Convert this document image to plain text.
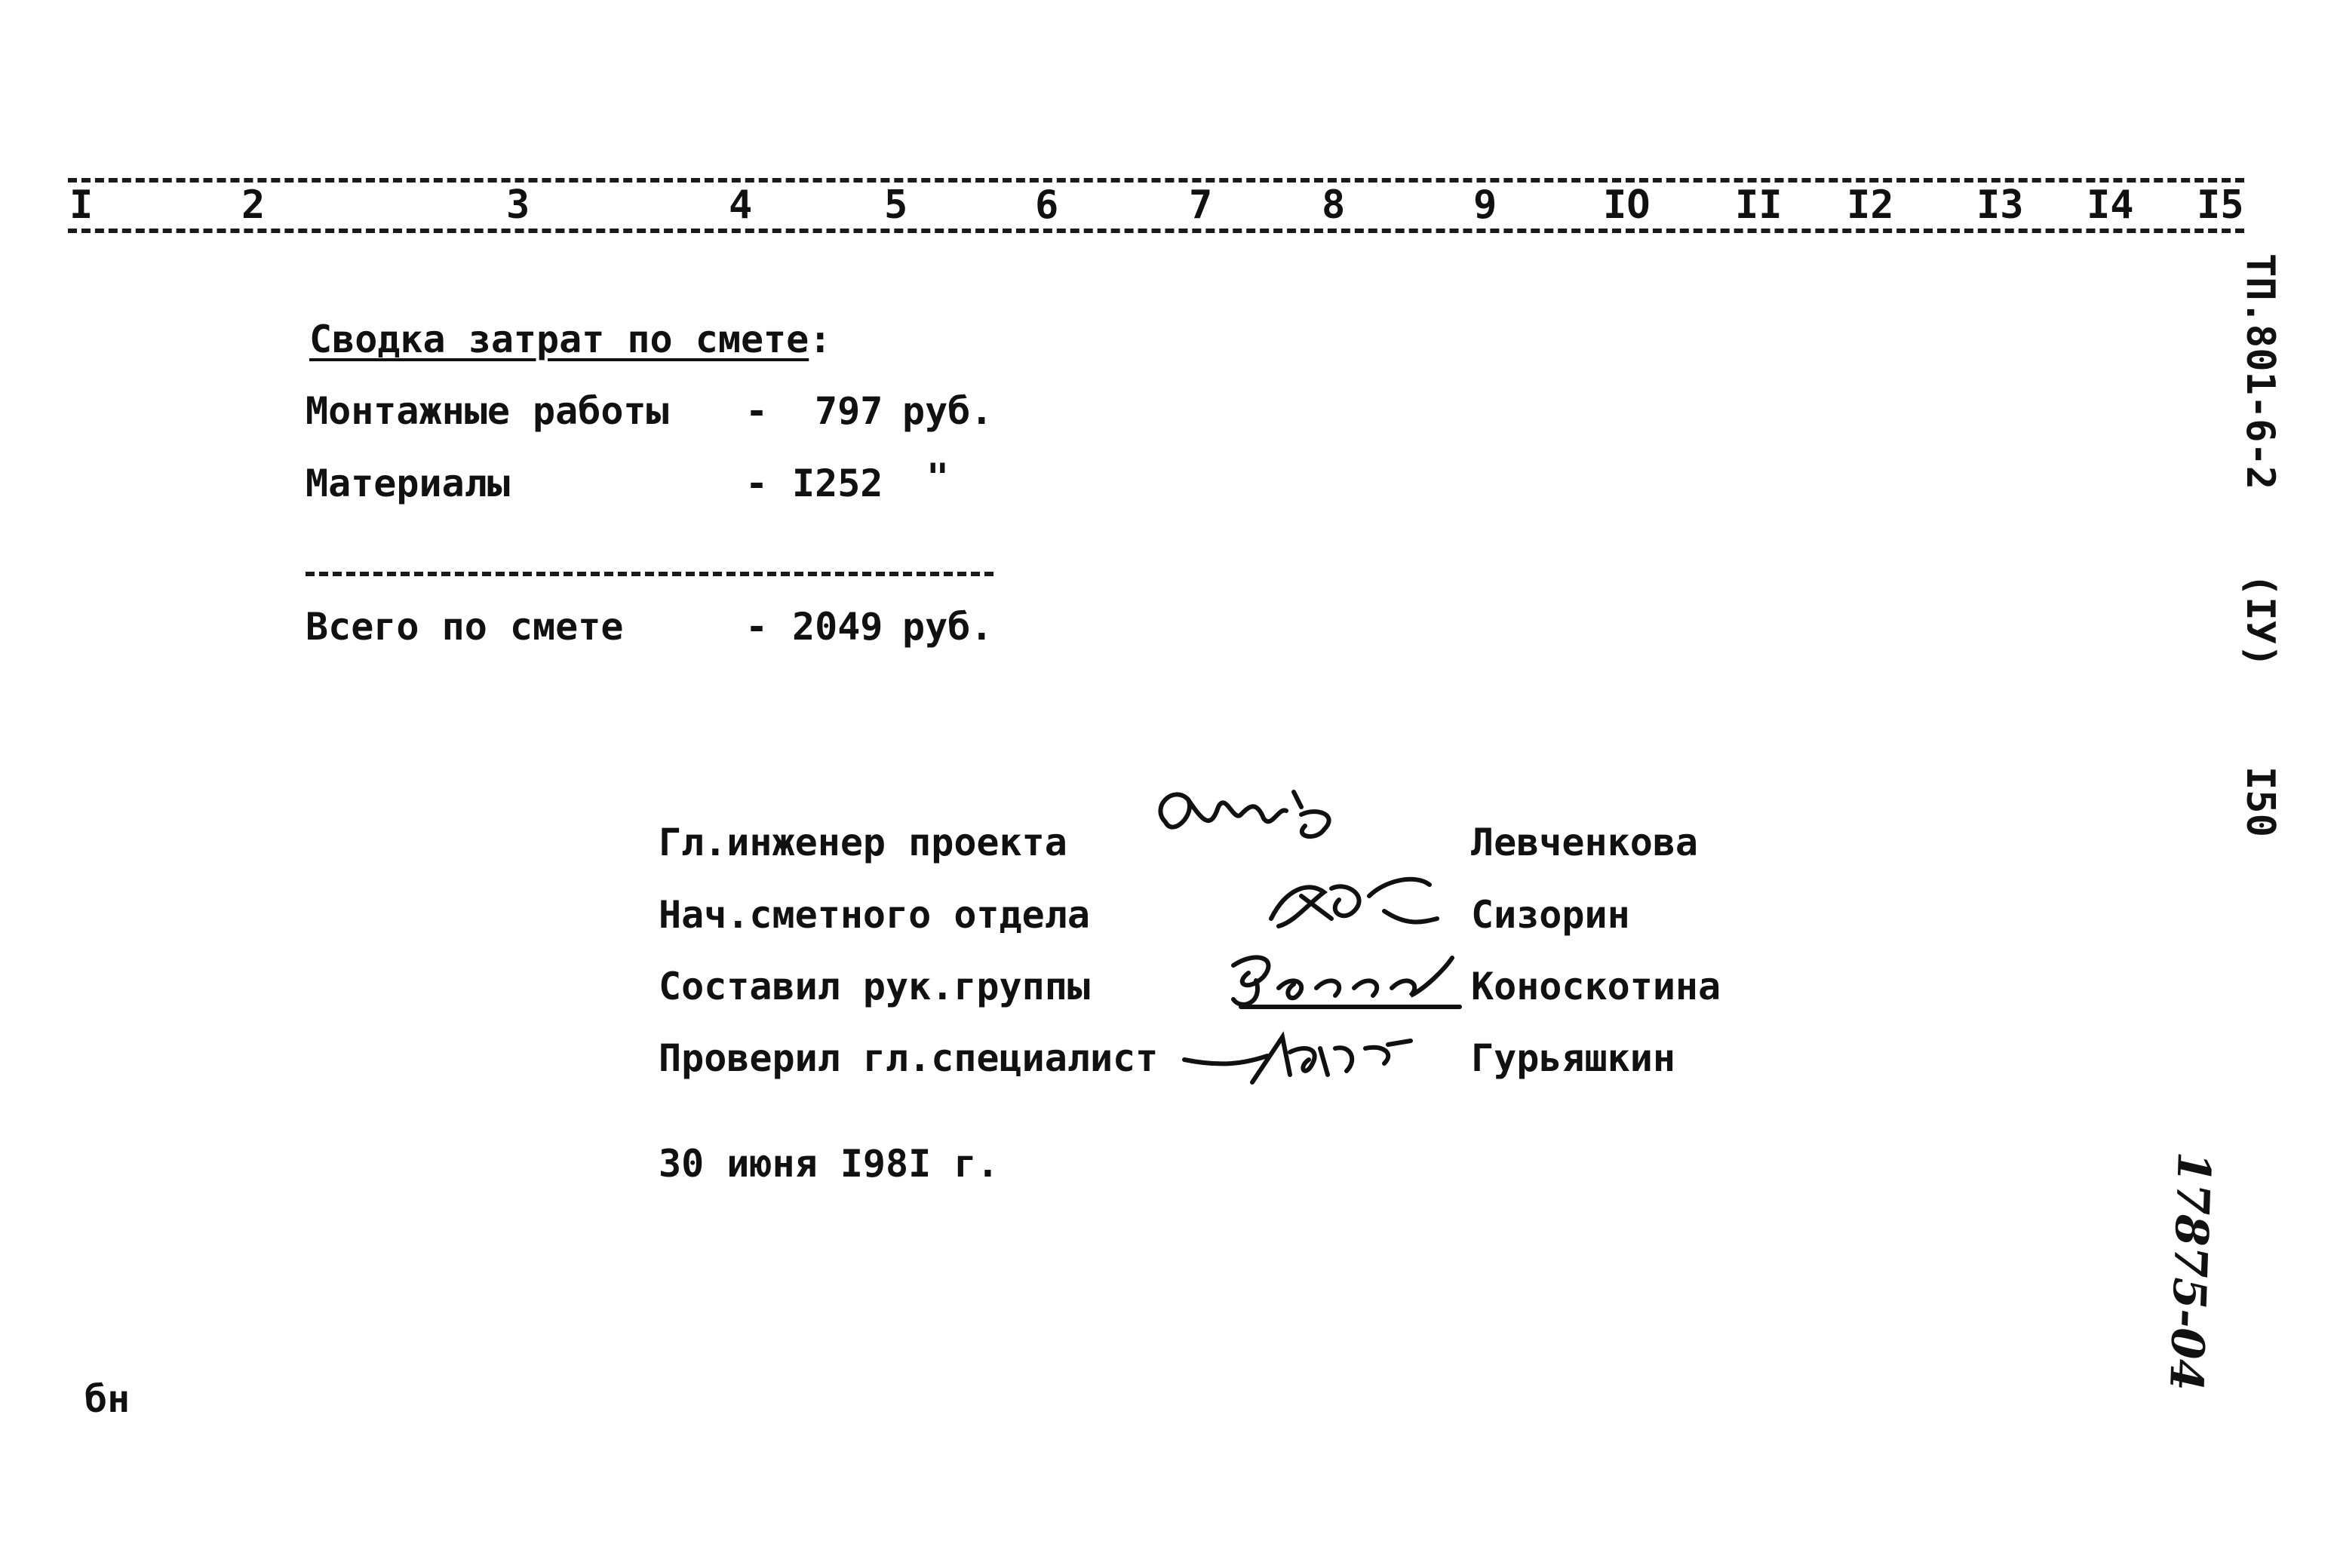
I	2	3	4	5	6	7	8	9	IO II I2 I3 I4 I5
Сводка затрат по смете:
Монтажные работы - 797 руб.
Материалы	- I252 "
Всего по смете	- 2049 руб.
Гл.инженер проекта	Левченкова
Нач.сметного отдела	Сизорин
Составил рук.группы	Коноскотина
Проверил гл.специалист	Гурьяшкин
30 июня I98I г.
ТП.801-6-2
(IУ)
I50
17875-04
бн
